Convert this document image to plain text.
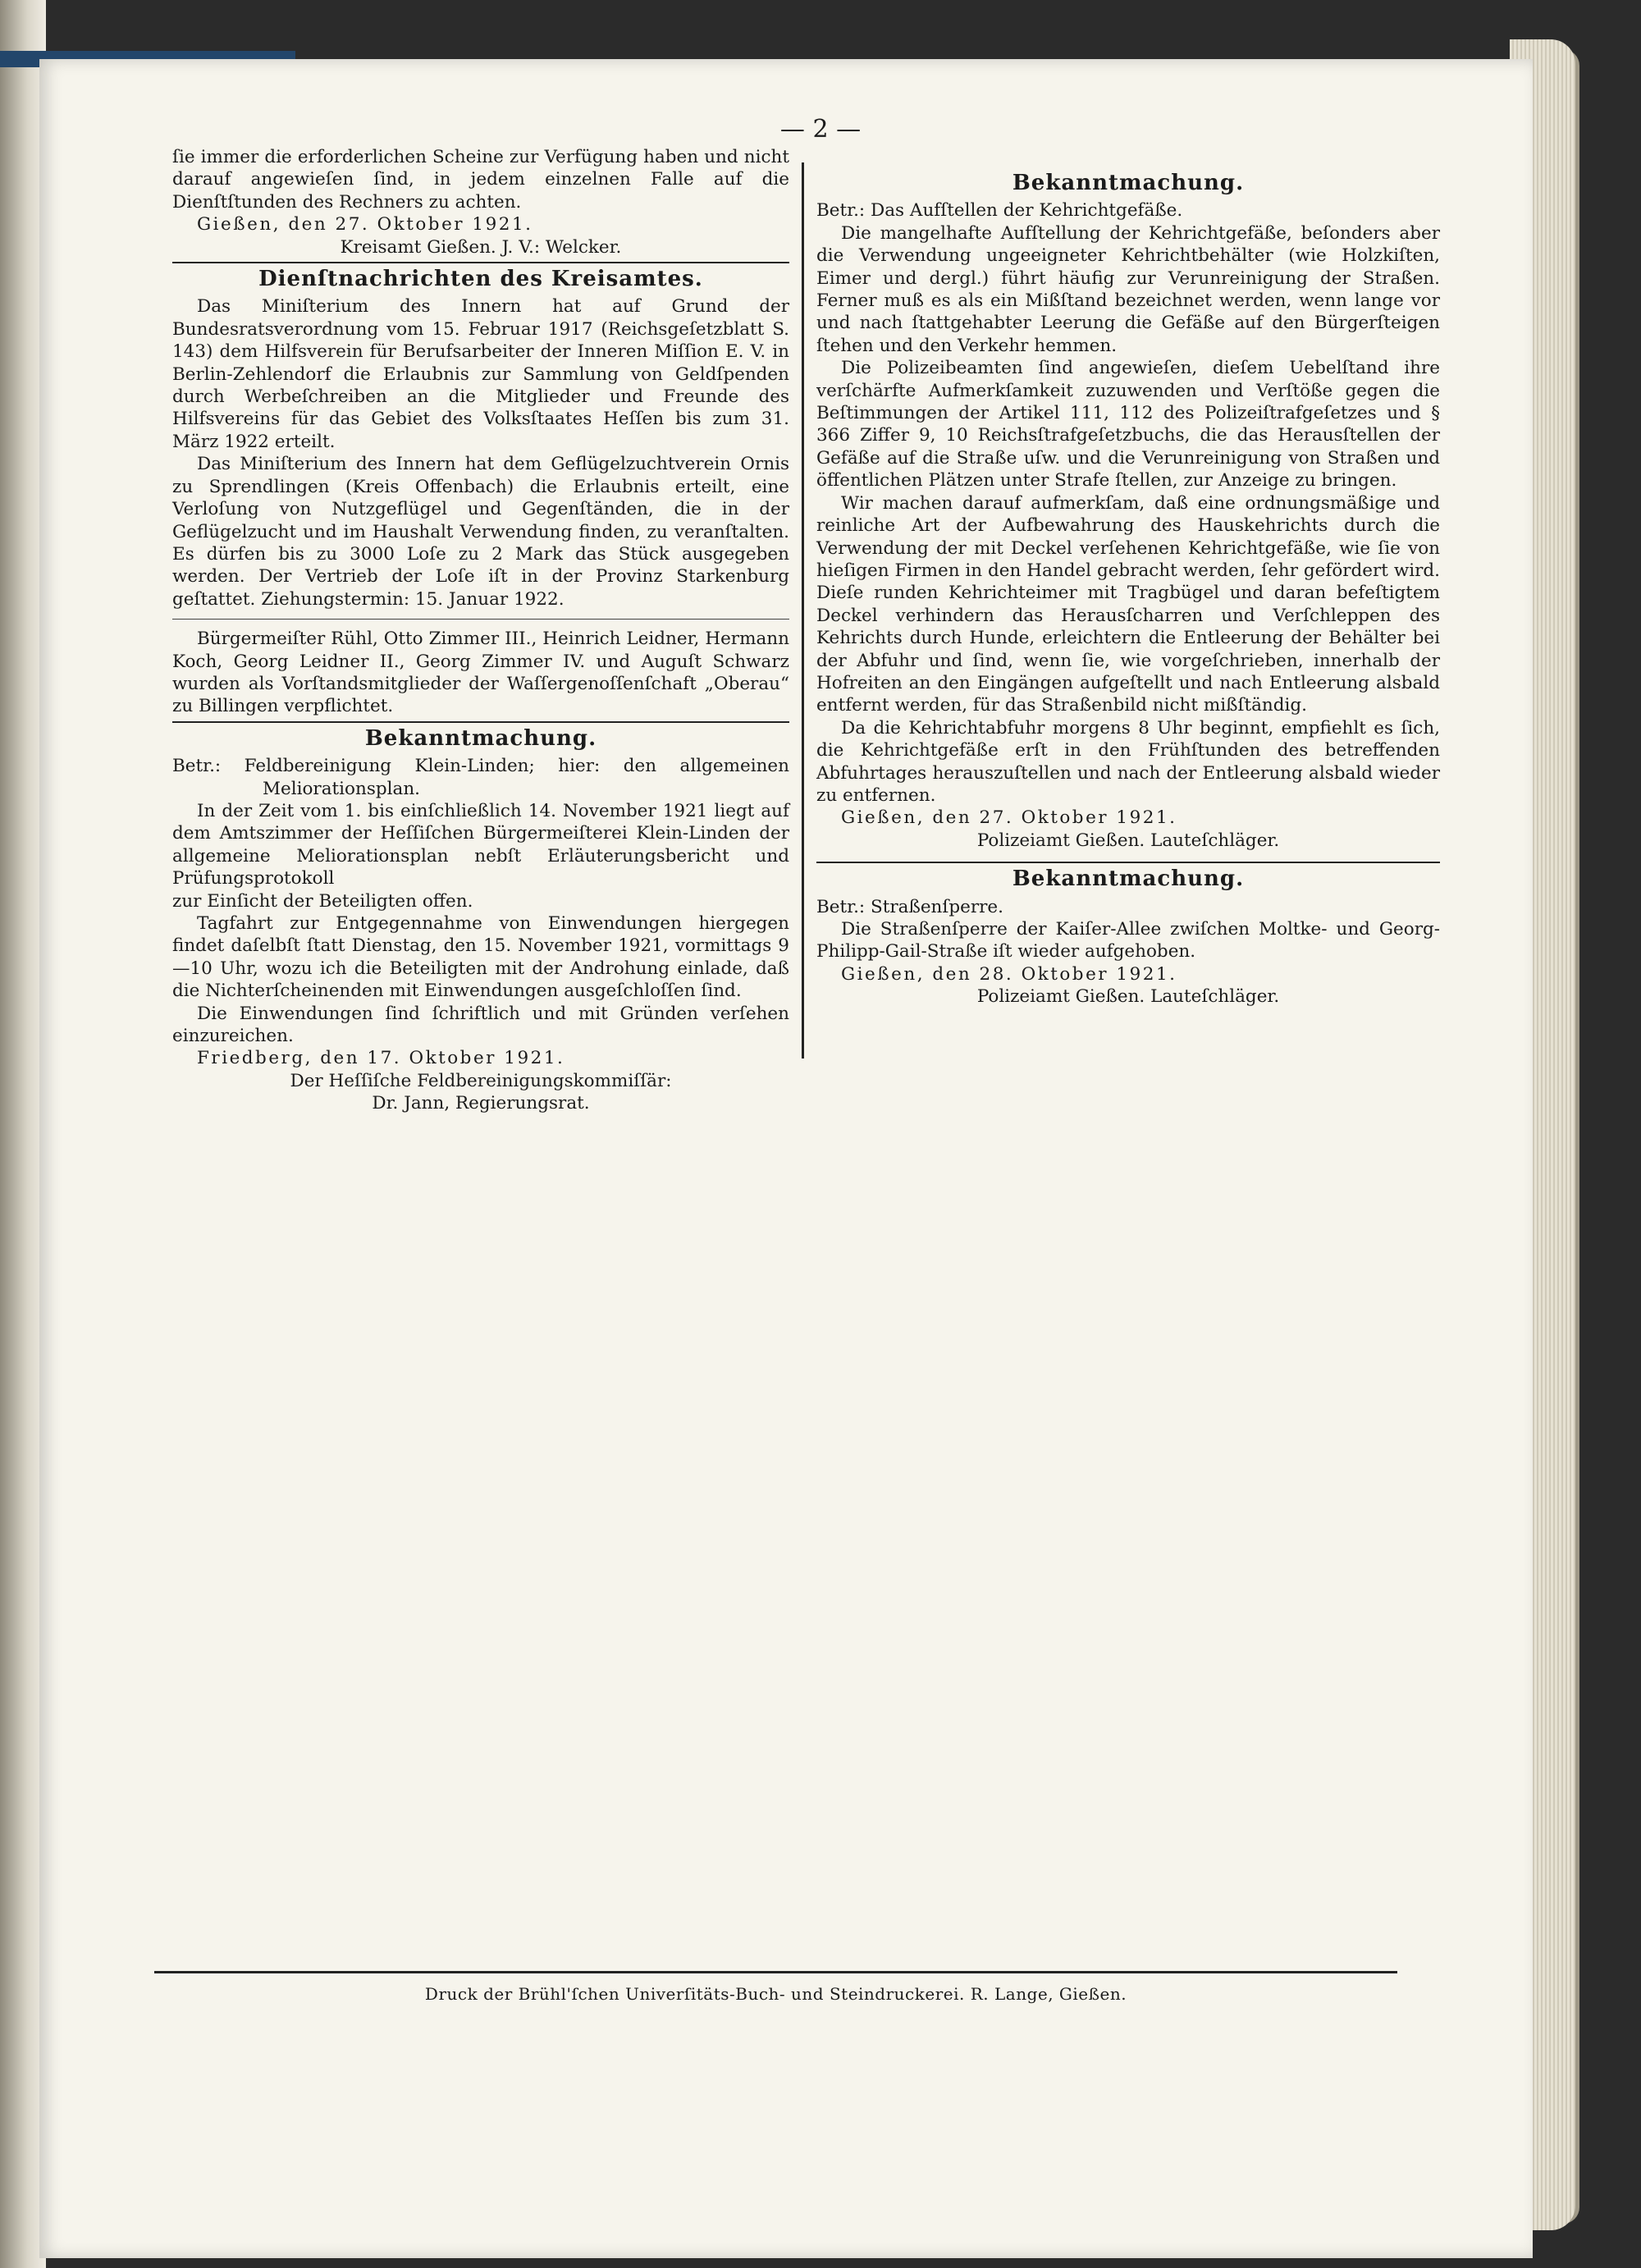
— 2 —

ſie immer die erforderlichen Scheine zur Verfügung haben und nicht darauf angewieſen ſind, in jedem einzelnen Falle auf die Dienſtſtunden des Rechners zu achten.

Gießen, den 27. Oktober 1921.

Kreisamt Gießen. J. V.: Welcker.

Dienſtnachrichten des Kreisamtes.

Das Miniſterium des Innern hat auf Grund der Bundesratsverordnung vom 15. Februar 1917 (Reichsgeſetzblatt S. 143) dem Hilfsverein für Berufsarbeiter der Inneren Miſſion E. V. in Berlin-Zehlendorf die Erlaubnis zur Sammlung von Geldſpenden durch Werbeſchreiben an die Mitglieder und Freunde des Hilfsvereins für das Gebiet des Volksſtaates Heſſen bis zum 31. März 1922 erteilt.

Das Miniſterium des Innern hat dem Geflügelzuchtverein Ornis zu Sprendlingen (Kreis Offenbach) die Erlaubnis erteilt, eine Verloſung von Nutzgeflügel und Gegenſtänden, die in der Geflügelzucht und im Haushalt Verwendung finden, zu veranſtalten. Es dürfen bis zu 3000 Loſe zu 2 Mark das Stück ausgegeben werden. Der Vertrieb der Loſe iſt in der Provinz Starkenburg geſtattet. Ziehungstermin: 15. Januar 1922.

Bürgermeiſter Rühl, Otto Zimmer III., Heinrich Leidner, Hermann Koch, Georg Leidner II., Georg Zimmer IV. und Auguſt Schwarz wurden als Vorſtandsmitglieder der Waſſergenoſſenſchaft „Oberau“ zu Billingen verpflichtet.

Bekanntmachung.

Betr.: Feldbereinigung Klein-Linden; hier: den allgemeinen Meliorationsplan.

In der Zeit vom 1. bis einſchließlich 14. November 1921 liegt auf dem Amtszimmer der Heſſiſchen Bürgermeiſterei Klein-Linden der allgemeine Meliorationsplan nebſt Erläuterungsbericht und Prüfungsprotokoll

zur Einſicht der Beteiligten offen.

Tagfahrt zur Entgegennahme von Einwendungen hiergegen findet daſelbſt ſtatt Dienstag, den 15. November 1921, vormittags 9—10 Uhr, wozu ich die Beteiligten mit der Androhung einlade, daß die Nichterſcheinenden mit Einwendungen ausgeſchloſſen ſind.

Die Einwendungen ſind ſchriftlich und mit Gründen verſehen einzureichen.

Friedberg, den 17. Oktober 1921.

Der Heſſiſche Feldbereinigungskommiſſär:

Dr. Jann, Regierungsrat.

Bekanntmachung.

Betr.: Das Aufſtellen der Kehrichtgefäße.

Die mangelhafte Aufſtellung der Kehrichtgefäße, beſonders aber die Verwendung ungeeigneter Kehrichtbehälter (wie Holzkiſten, Eimer und dergl.) führt häufig zur Verunreinigung der Straßen. Ferner muß es als ein Mißſtand bezeichnet werden, wenn lange vor und nach ſtattgehabter Leerung die Gefäße auf den Bürgerſteigen ſtehen und den Verkehr hemmen.

Die Polizeibeamten ſind angewieſen, dieſem Uebelſtand ihre verſchärfte Aufmerkſamkeit zuzuwenden und Verſtöße gegen die Beſtimmungen der Artikel 111, 112 des Polizeiſtrafgeſetzes und § 366 Ziffer 9, 10 Reichsſtrafgeſetzbuchs, die das Herausſtellen der Gefäße auf die Straße uſw. und die Verunreinigung von Straßen und öffentlichen Plätzen unter Strafe ſtellen, zur Anzeige zu bringen.

Wir machen darauf aufmerkſam, daß eine ordnungsmäßige und reinliche Art der Aufbewahrung des Hauskehrichts durch die Verwendung der mit Deckel verſehenen Kehrichtgefäße, wie ſie von hieſigen Firmen in den Handel gebracht werden, ſehr gefördert wird. Dieſe runden Kehrichteimer mit Tragbügel und daran befeſtigtem Deckel verhindern das Herausſcharren und Verſchleppen des Kehrichts durch Hunde, erleichtern die Entleerung der Behälter bei der Abfuhr und ſind, wenn ſie, wie vorgeſchrieben, innerhalb der Hofreiten an den Eingängen aufgeſtellt und nach Entleerung alsbald entfernt werden, für das Straßenbild nicht mißſtändig.

Da die Kehrichtabfuhr morgens 8 Uhr beginnt, empfiehlt es ſich, die Kehrichtgefäße erſt in den Frühſtunden des betreffenden Abfuhrtages herauszuſtellen und nach der Entleerung alsbald wieder zu entfernen.

Gießen, den 27. Oktober 1921.

Polizeiamt Gießen. Lauteſchläger.

Bekanntmachung.

Betr.: Straßenſperre.

Die Straßenſperre der Kaiſer-Allee zwiſchen Moltke- und Georg-Philipp-Gail-Straße iſt wieder aufgehoben.

Gießen, den 28. Oktober 1921.

Polizeiamt Gießen. Lauteſchläger.

Druck der Brühl'ſchen Univerſitäts-Buch- und Steindruckerei. R. Lange, Gießen.
